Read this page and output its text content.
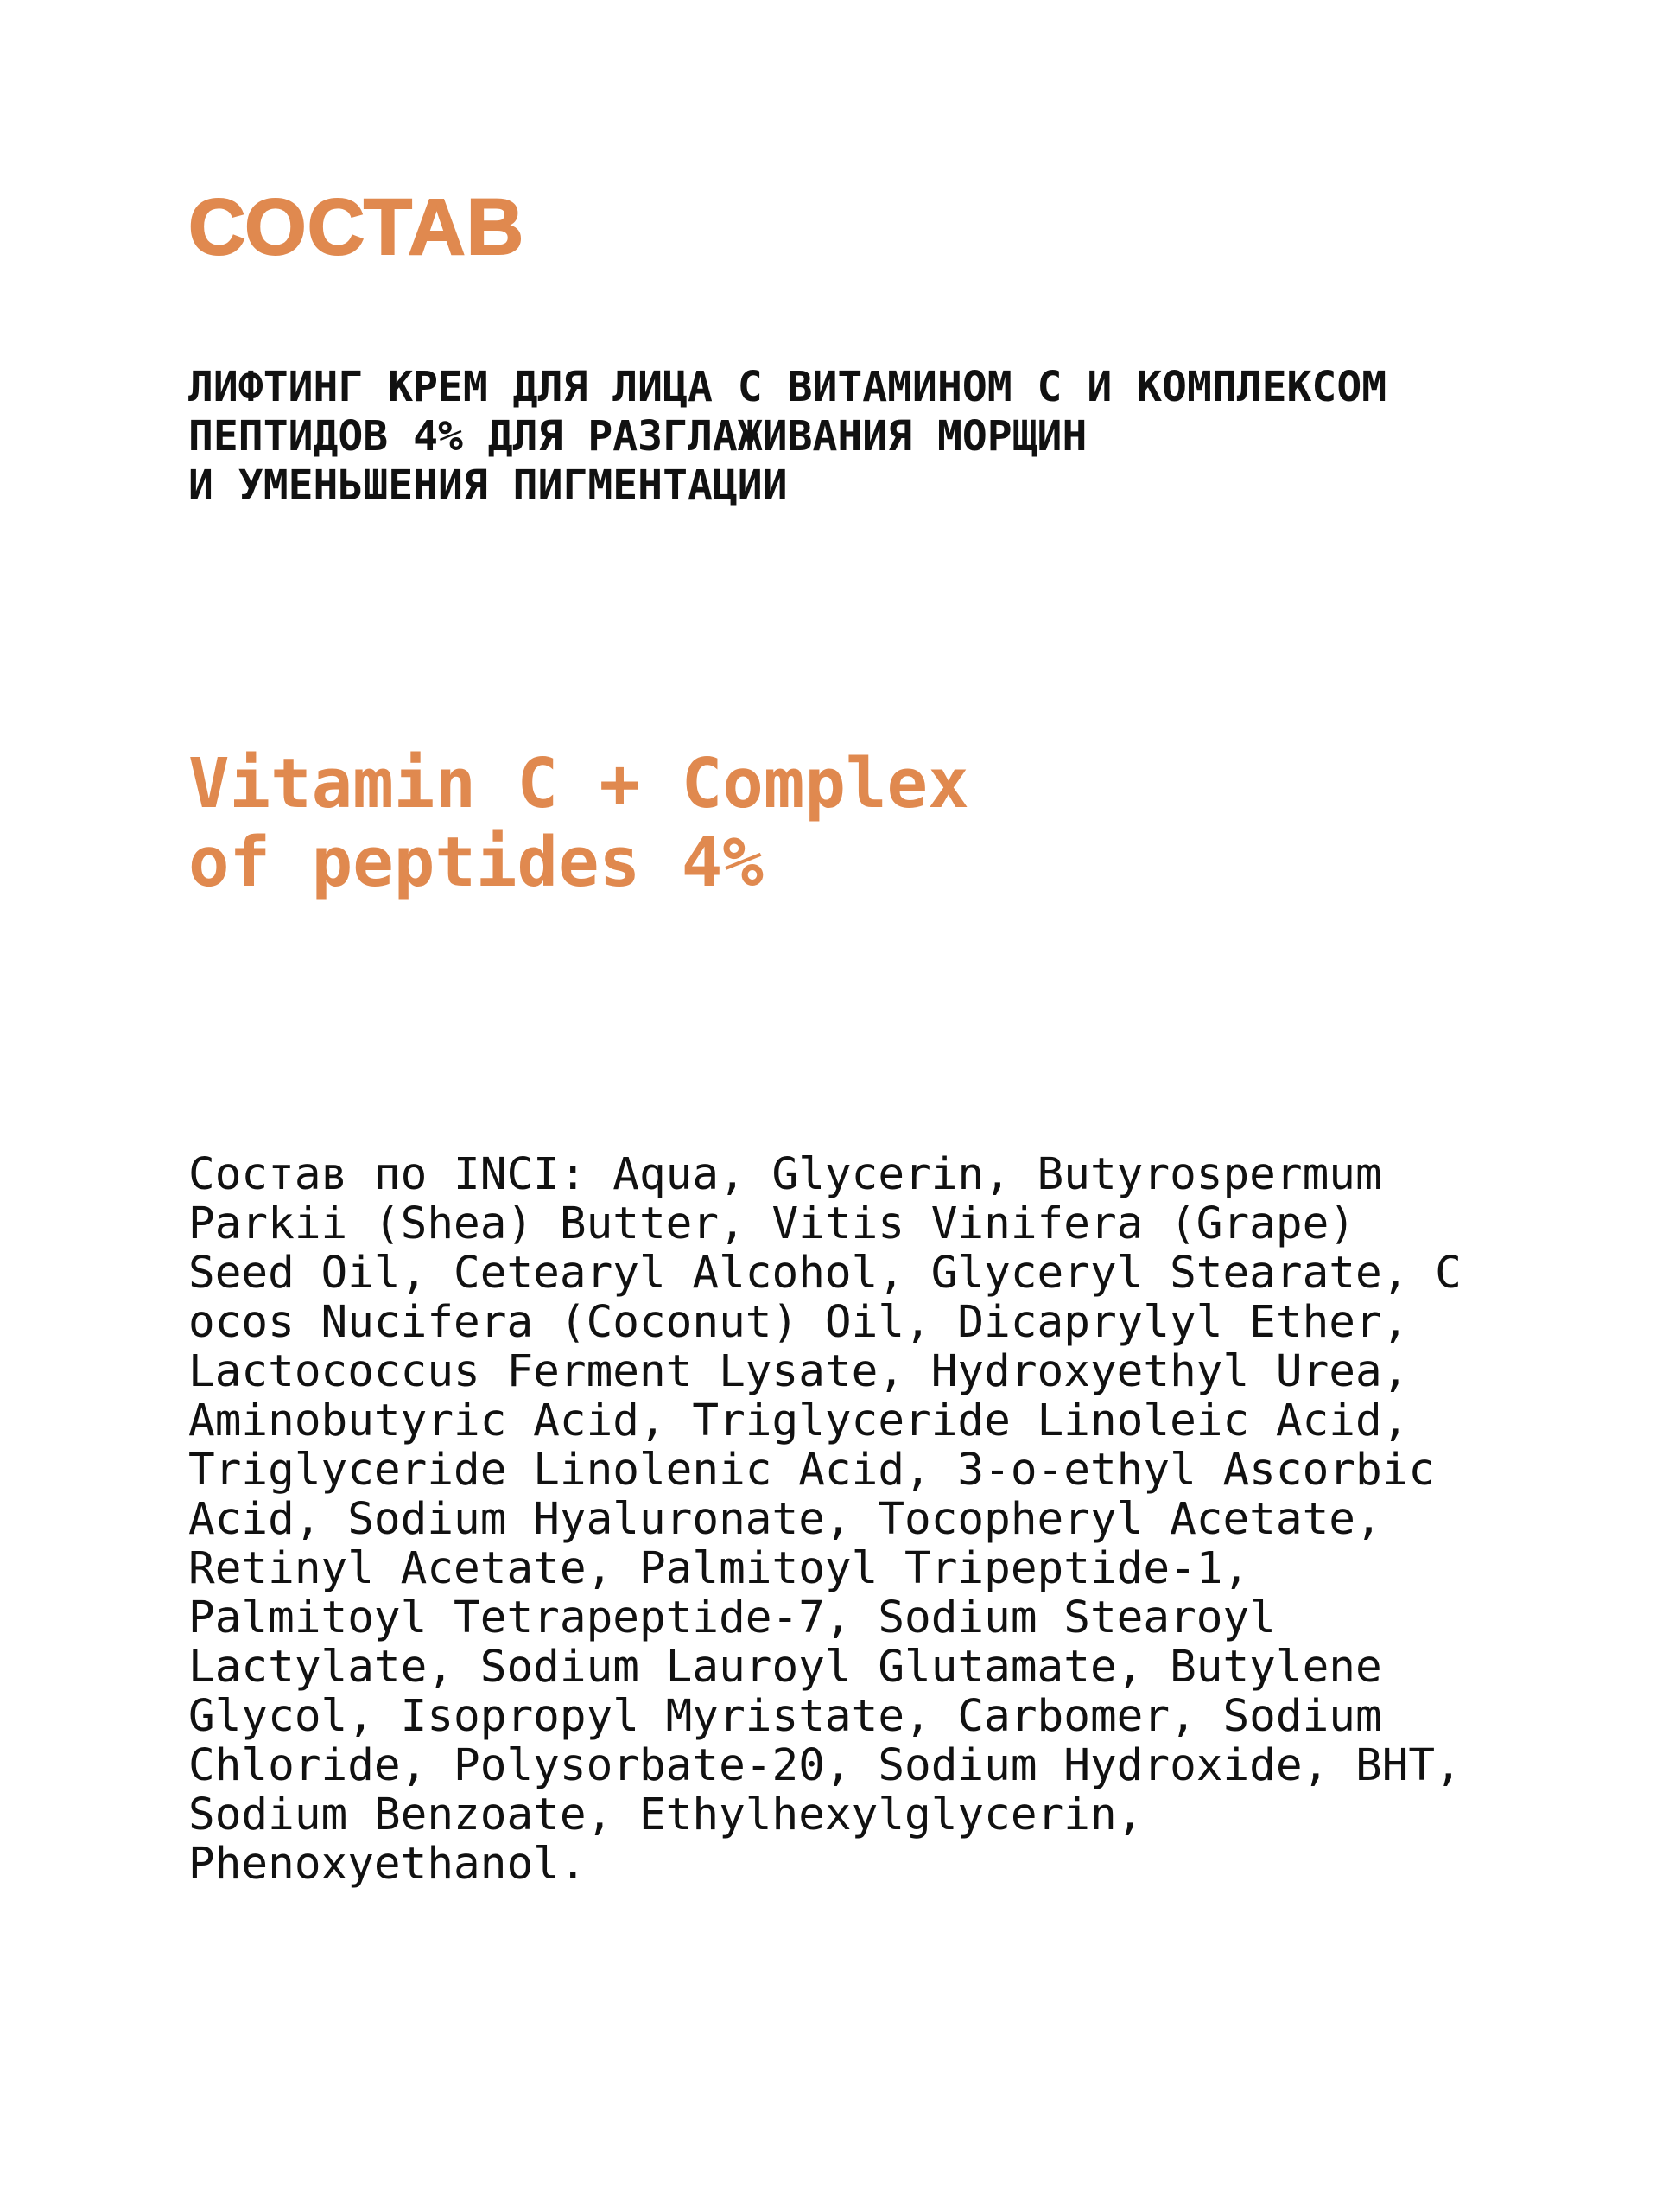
СОСТАВ
ЛИФТИНГ КРЕМ ДЛЯ ЛИЦА С ВИТАМИНОМ С И КОМПЛЕКСОМ
ПЕПТИДОВ 4% ДЛЯ РАЗГЛАЖИВАНИЯ МОРЩИН
И УМЕНЬШЕНИЯ ПИГМЕНТАЦИИ
Vitamin C + Complex
of peptides 4%
Состав по INCI: Aqua, Glycerin, Butyrospermum
Parkii (Shea) Butter, Vitis Vinifera (Grape)
Seed Oil, Cetearyl Alcohol, Glyceryl Stearate, C
ocos Nucifera (Coconut) Oil, Dicaprylyl Ether,
Lactococcus Ferment Lysate, Hydroxyethyl Urea,
Aminobutyric Acid, Triglyceride Linoleic Acid,
Triglyceride Linolenic Acid, 3-o-ethyl Ascorbic
Acid, Sodium Hyaluronate, Tocopheryl Acetate,
Retinyl Acetate, Palmitoyl Tripeptide-1,
Palmitoyl Tetrapeptide-7, Sodium Stearoyl
Lactylate, Sodium Lauroyl Glutamate, Butylene
Glycol, Isopropyl Myristate, Carbomer, Sodium
Chloride, Polysorbate-20, Sodium Hydroxide, BHT,
Sodium Benzoate, Ethylhexylglycerin,
Phenoxyethanol.
